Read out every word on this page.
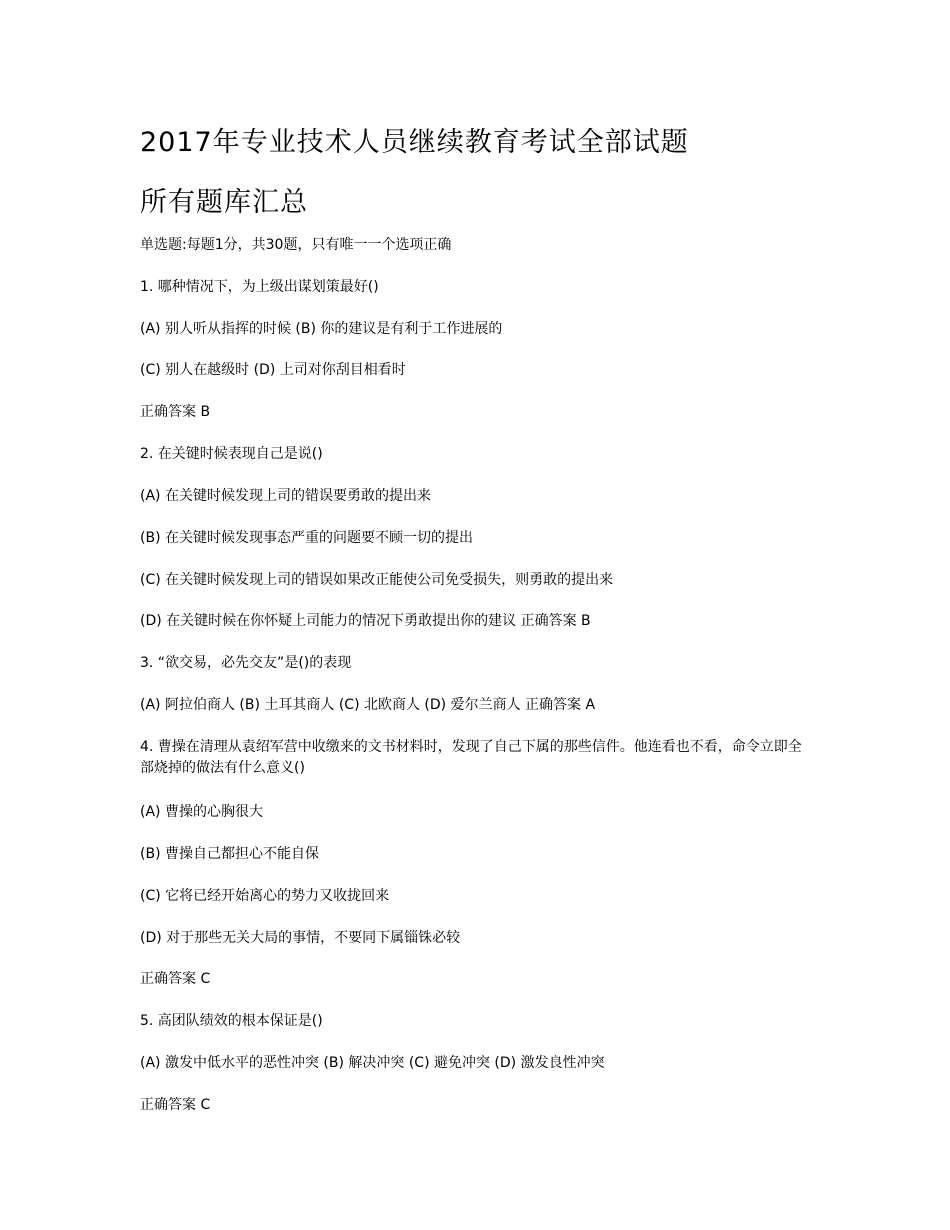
2017年专业技术人员继续教育考试全部试题
所有题库汇总

单选题:每题1分，共30题，只有唯一一个选项正确

1. 哪种情况下，为上级出谋划策最好()

(A) 别人听从指挥的时候 (B) 你的建议是有利于工作进展的

(C) 别人在越级时 (D) 上司对你刮目相看时

正确答案 B

2. 在关键时候表现自己是说()

(A) 在关键时候发现上司的错误要勇敢的提出来

(B) 在关键时候发现事态严重的问题要不顾一切的提出

(C) 在关键时候发现上司的错误如果改正能使公司免受损失，则勇敢的提出来

(D) 在关键时候在你怀疑上司能力的情况下勇敢提出你的建议 正确答案 B

3. “欲交易，必先交友”是()的表现

(A) 阿拉伯商人 (B) 土耳其商人 (C) 北欧商人 (D) 爱尔兰商人 正确答案 A

4. 曹操在清理从袁绍军营中收缴来的文书材料时，发现了自己下属的那些信件。他连看也不看，命令立即全部烧掉的做法有什么意义()

(A) 曹操的心胸很大

(B) 曹操自己都担心不能自保

(C) 它将已经开始离心的势力又收拢回来

(D) 对于那些无关大局的事情，不要同下属锱铢必较

正确答案 C

5. 高团队绩效的根本保证是()

(A) 激发中低水平的恶性冲突 (B) 解决冲突 (C) 避免冲突 (D) 激发良性冲突

正确答案 C
